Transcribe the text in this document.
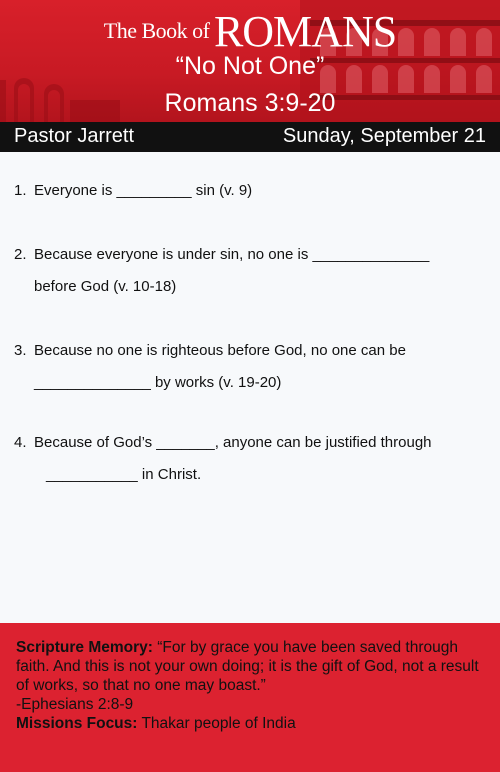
The Book of ROMANS
“No Not One”
Romans 3:9-20
Pastor Jarrett	Sunday, September 21
1. Everyone is _________ sin (v. 9)
2. Because everyone is under sin, no one is ______________
before God (v. 10-18)
3. Because no one is righteous before God, no one can be
______________ by works (v. 19-20)
4. Because of God’s _______, anyone can be justified through
___________ in Christ.
Scripture Memory: “For by grace you have been saved through faith. And this is not your own doing; it is the gift of God, not a result of works, so that no one may boast.”
-Ephesians 2:8-9
Missions Focus: Thakar people of India
